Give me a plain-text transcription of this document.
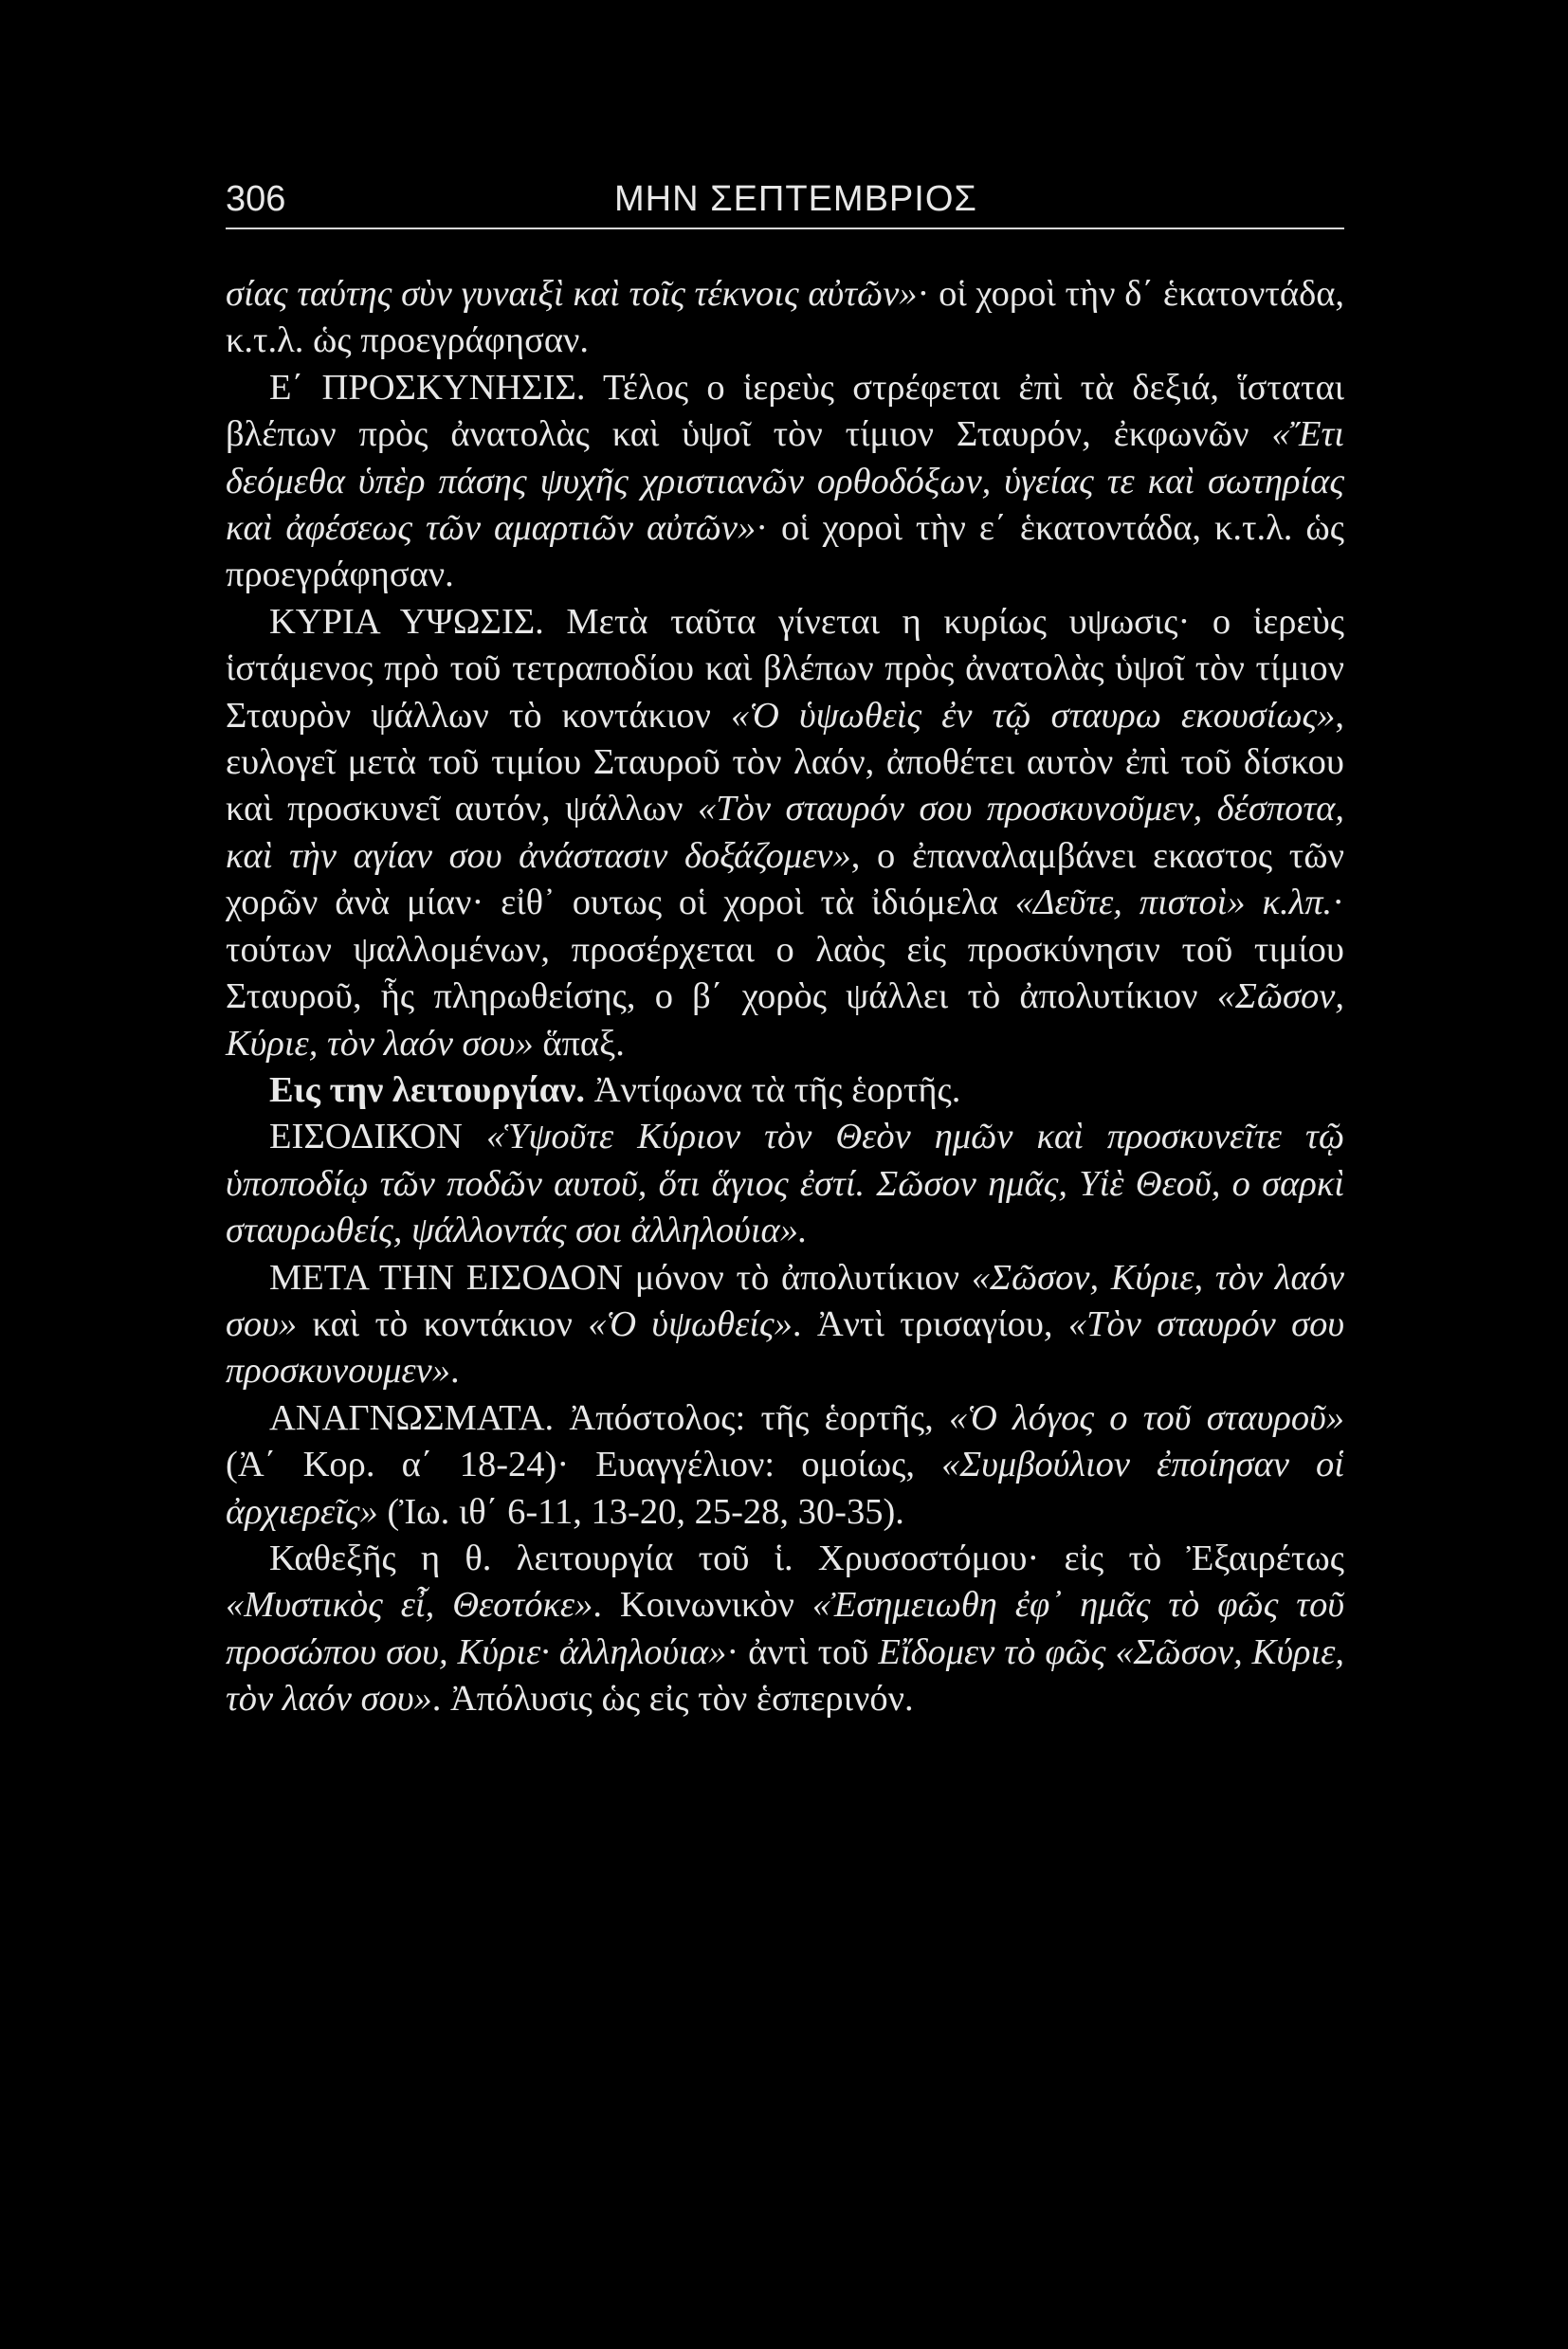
306	ΜΗΝ ΣΕΠΤΕΜΒΡΙΟΣ

σίας ταύτης σὺν γυναιξὶ καὶ τοῖς τέκνοις αὐτῶν»· οἱ χοροὶ τὴν δ΄ ἑκατοντάδα, κ.τ.λ. ὡς προεγράφησαν.

Ε΄ ΠΡΟΣΚΥΝΗΣΙΣ. Τέλος ο ἱερεὺς στρέφεται ἐπὶ τὰ δεξιά, ἵσταται βλέπων πρὸς ἀνατολὰς καὶ ὑψοῖ τὸν τίμιον Σταυρόν, ἐκφωνῶν «Ἔτι δεόμεθα ὑπὲρ πάσης ψυχῆς χριστιανῶν ορθοδόξων, ὑγείας τε καὶ σωτηρίας καὶ ἀφέσεως τῶν αμαρτιῶν αὐτῶν»· οἱ χοροὶ τὴν ε΄ ἑκατοντάδα, κ.τ.λ. ὡς προεγράφησαν.

ΚΥΡΙΑ ΥΨΩΣΙΣ. Μετὰ ταῦτα γίνεται η κυρίως υψωσις· ο ἱερεὺς ἱστάμενος πρὸ τοῦ τετραποδίου καὶ βλέπων πρὸς ἀνατολὰς ὑψοῖ τὸν τίμιον Σταυρὸν ψάλλων τὸ κοντάκιον «Ὁ ὑψωθεὶς ἐν τῷ σταυρω εκουσίως», ευλογεῖ μετὰ τοῦ τιμίου Σταυροῦ τὸν λαόν, ἀποθέτει αυτὸν ἐπὶ τοῦ δίσκου καὶ προσκυνεῖ αυτόν, ψάλλων «Τὸν σταυρόν σου προσκυνοῦμεν, δέσποτα, καὶ τὴν αγίαν σου ἀνάστασιν δοξάζομεν», ο ἐπαναλαμβάνει εκαστος τῶν χορῶν ἀνὰ μίαν· εἰθ᾽ ουτως οἱ χοροὶ τὰ ἰδιόμελα «Δεῦτε, πιστοὶ» κ.λπ.· τούτων ψαλλομένων, προσέρχεται ο λαὸς εἰς προσκύνησιν τοῦ τιμίου Σταυροῦ, ἧς πληρωθείσης, ο β΄ χορὸς ψάλλει τὸ ἀπολυτίκιον «Σῶσον, Κύριε, τὸν λαόν σου» ἅπαξ.

Εις την λειτουργίαν. Ἀντίφωνα τὰ τῆς ἑορτῆς.

ΕΙΣΟΔΙΚΟΝ «Ὑψοῦτε Κύριον τὸν Θεὸν ημῶν καὶ προσκυνεῖτε τῷ ὑποποδίῳ τῶν ποδῶν αυτοῦ, ὅτι ἅγιος ἐστί. Σῶσον ημᾶς, Υἱὲ Θεοῦ, ο σαρκὶ σταυρωθείς, ψάλλοντάς σοι ἀλληλούια».

ΜΕΤΑ ΤΗΝ ΕΙΣΟΔΟΝ μόνον τὸ ἀπολυτίκιον «Σῶσον, Κύριε, τὸν λαόν σου» καὶ τὸ κοντάκιον «Ὁ ὑψωθείς». Ἀντὶ τρισαγίου, «Τὸν σταυρόν σου προσκυνουμεν».

ΑΝΑΓΝΩΣΜΑΤΑ. Ἀπόστολος: τῆς ἑορτῆς, «Ὁ λόγος ο τοῦ σταυροῦ» (Ἀ΄ Κορ. α΄ 18-24)· Ευαγγέλιον: ομοίως, «Συμβούλιον ἐποίησαν οἱ ἀρχιερεῖς» (Ἰω. ιθ΄ 6-11, 13-20, 25-28, 30-35).

Καθεξῆς η θ. λειτουργία τοῦ ἱ. Χρυσοστόμου· εἰς τὸ Ἐξαιρέτως «Μυστικὸς εἶ, Θεοτόκε». Κοινωνικὸν «Ἐσημειωθη ἐφ᾽ ημᾶς τὸ φῶς τοῦ προσώπου σου, Κύριε· ἀλληλούια»· ἀντὶ τοῦ Εἴδομεν τὸ φῶς «Σῶσον, Κύριε, τὸν λαόν σου». Ἀπόλυσις ὡς εἰς τὸν ἑσπερινόν.
